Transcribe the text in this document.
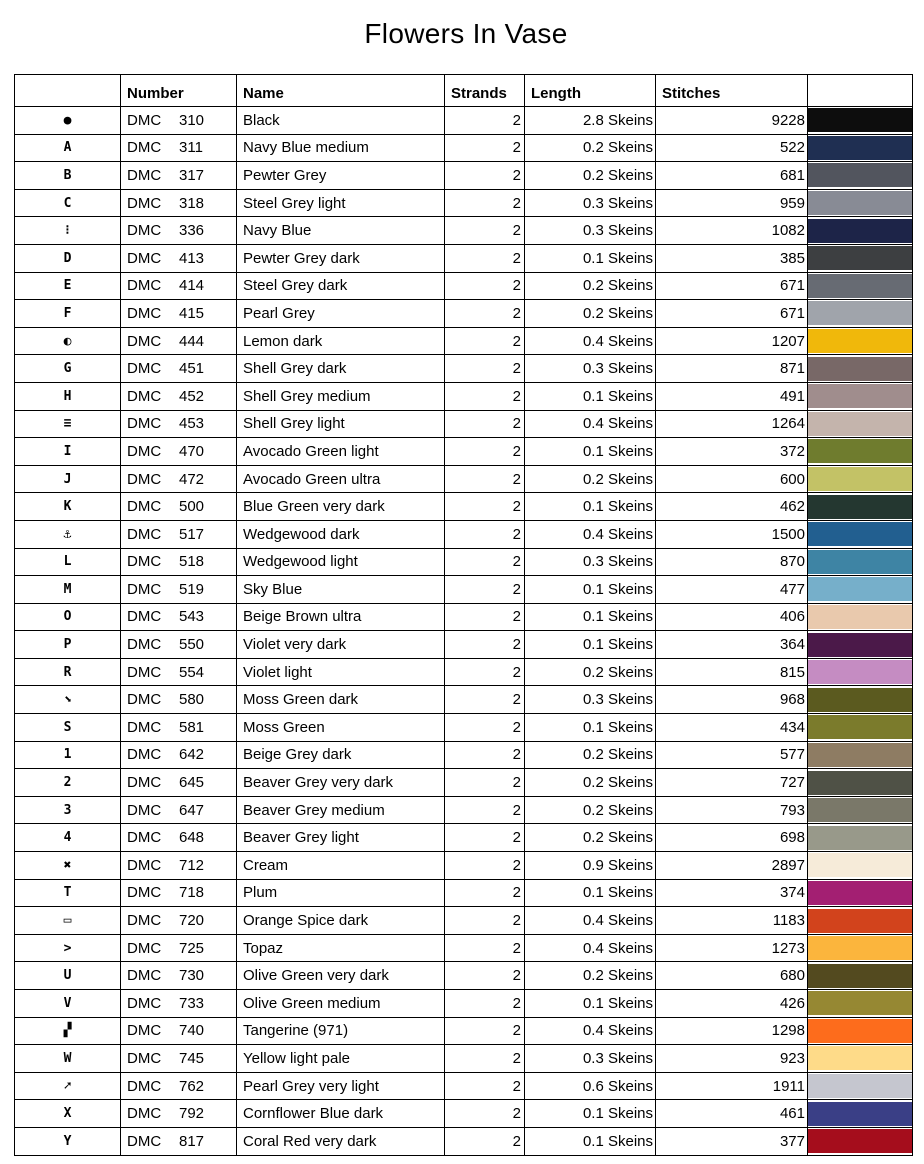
Flowers In Vase
	Number	Name	Strands	Length	Stitches	
●	DMC 310	Black	2	2.8 Skeins	9228	

A	DMC 311	Navy Blue medium	2	0.2 Skeins	522	

B	DMC 317	Pewter Grey	2	0.2 Skeins	681	

C	DMC 318	Steel Grey light	2	0.3 Skeins	959	

⁝	DMC 336	Navy Blue	2	0.3 Skeins	1082	

D	DMC 413	Pewter Grey dark	2	0.1 Skeins	385	

E	DMC 414	Steel Grey dark	2	0.2 Skeins	671	

F	DMC 415	Pearl Grey	2	0.2 Skeins	671	

◐	DMC 444	Lemon dark	2	0.4 Skeins	1207	

G	DMC 451	Shell Grey dark	2	0.3 Skeins	871	

H	DMC 452	Shell Grey medium	2	0.1 Skeins	491	

≡	DMC 453	Shell Grey light	2	0.4 Skeins	1264	

I	DMC 470	Avocado Green light	2	0.1 Skeins	372	

J	DMC 472	Avocado Green ultra	2	0.2 Skeins	600	

K	DMC 500	Blue Green very dark	2	0.1 Skeins	462	

⚓	DMC 517	Wedgewood dark	2	0.4 Skeins	1500	

L	DMC 518	Wedgewood light	2	0.3 Skeins	870	

M	DMC 519	Sky Blue	2	0.1 Skeins	477	

O	DMC 543	Beige Brown ultra	2	0.1 Skeins	406	

P	DMC 550	Violet very dark	2	0.1 Skeins	364	

R	DMC 554	Violet light	2	0.2 Skeins	815	

⬊	DMC 580	Moss Green dark	2	0.3 Skeins	968	

S	DMC 581	Moss Green	2	0.1 Skeins	434	

1	DMC 642	Beige Grey dark	2	0.2 Skeins	577	

2	DMC 645	Beaver Grey very dark	2	0.2 Skeins	727	

3	DMC 647	Beaver Grey medium	2	0.2 Skeins	793	

4	DMC 648	Beaver Grey light	2	0.2 Skeins	698	

✖	DMC 712	Cream	2	0.9 Skeins	2897	

T	DMC 718	Plum	2	0.1 Skeins	374	

▭	DMC 720	Orange Spice dark	2	0.4 Skeins	1183	

>	DMC 725	Topaz	2	0.4 Skeins	1273	

U	DMC 730	Olive Green very dark	2	0.2 Skeins	680	

V	DMC 733	Olive Green medium	2	0.1 Skeins	426	

▞	DMC 740	Tangerine (971)	2	0.4 Skeins	1298	

W	DMC 745	Yellow light pale	2	0.3 Skeins	923	

➚	DMC 762	Pearl Grey very light	2	0.6 Skeins	1911	

X	DMC 792	Cornflower Blue dark	2	0.1 Skeins	461	

Y	DMC 817	Coral Red very dark	2	0.1 Skeins	377	
